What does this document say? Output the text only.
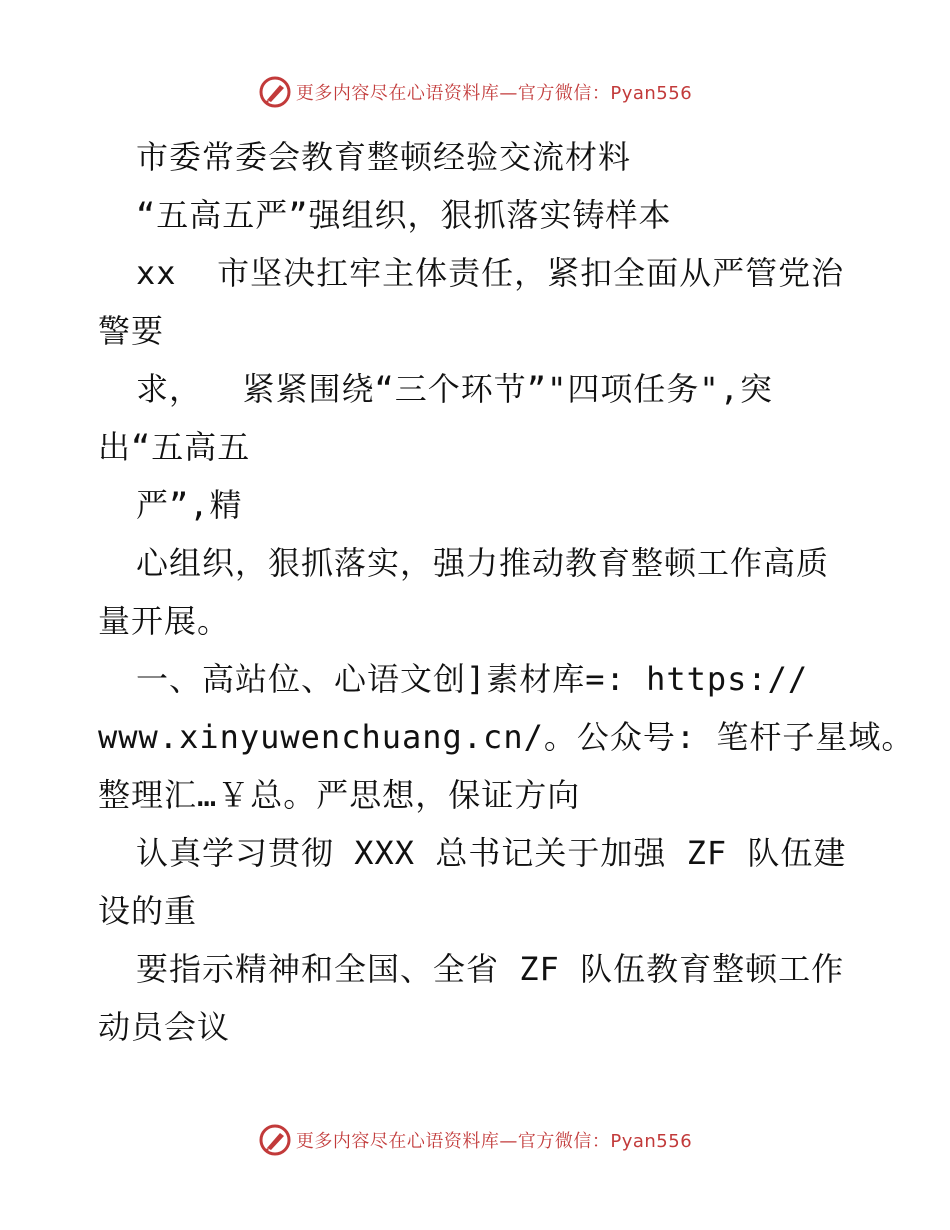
更多内容尽在心语资料库—官方微信：Pyan556
市委常委会教育整顿经验交流材料
“五高五严”强组织，狠抓落实铸样本
xx  市坚决扛牢主体责任，紧扣全面从严管党治
警要
求，  紧紧围绕“三个环节”"四项任务",突
出“五高五
严”,精
心组织，狠抓落实，强力推动教育整顿工作高质
量开展。
一、高站位、心语文创]素材库=: https://
www.xinyuwenchuang.cn/。公众号: 笔杆子星域。
整理汇…￥总。严思想，保证方向
认真学习贯彻 XXX 总书记关于加强 ZF 队伍建
设的重
要指示精神和全国、全省 ZF 队伍教育整顿工作
动员会议
更多内容尽在心语资料库—官方微信：Pyan556
